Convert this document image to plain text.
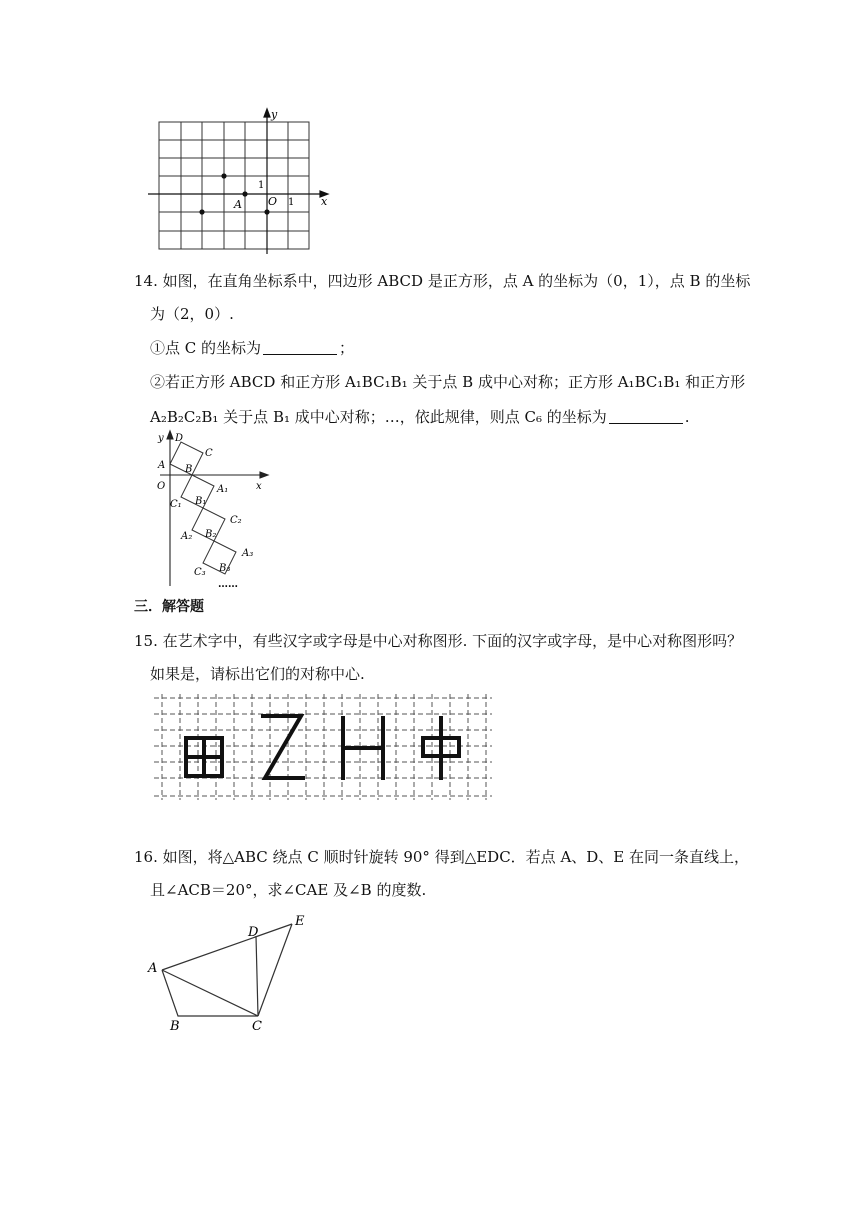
y
x
O
1
1
A
14. 如图，在直角坐标系中，四边形 ABCD 是正方形，点 A 的坐标为（0，1），点 B 的坐标
为（2，0）.
①点 C 的坐标为	；
②若正方形 ABCD 和正方形 A₁BC₁B₁ 关于点 B 成中心对称；正方形 A₁BC₁B₁ 和正方形
A₂B₂C₂B₁ 关于点 B₁ 成中心对称；…，依此规律，则点 C₆ 的坐标为	.
y
x
O
A
D
C
B
C₁ B₁
A₁
C₂
A₂ B₂
A₃
C₃ B₃
……
三．解答题
15. 在艺术字中，有些汉字或字母是中心对称图形. 下面的汉字或字母，是中心对称图形吗？
如果是，请标出它们的对称中心.
16. 如图，将△ABC 绕点 C 顺时针旋转 90° 得到△EDC．若点 A、D、E 在同一条直线上，
且∠ACB＝20°，求∠CAE 及∠B 的度数.
A
B	C
D
E
